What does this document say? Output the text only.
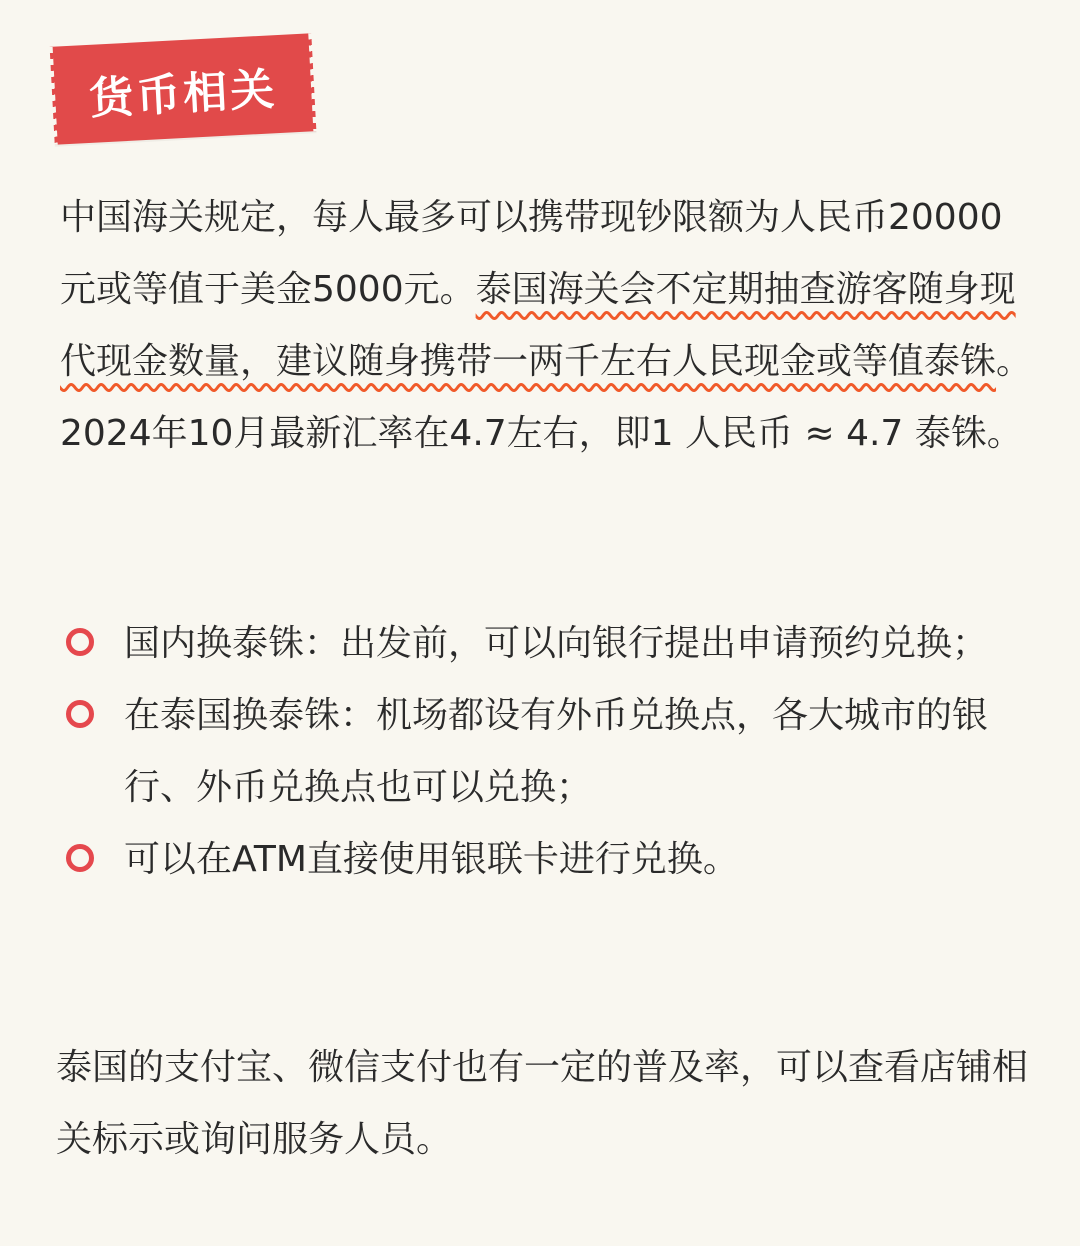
货币相关

中国海关规定，每人最多可以携带现钞限额为人民币20000元或等值于美金5000元。泰国海关会不定期抽查游客随身现代现金数量，建议随身携带一两千左右人民现金或等值泰铢。2024年10月最新汇率在4.7左右，即1 人民币 ≈ 4.7 泰铢。

国内换泰铢：出发前，可以向银行提出申请预约兑换；
在泰国换泰铢：机场都设有外币兑换点，各大城市的银行、外币兑换点也可以兑换；
可以在ATM直接使用银联卡进行兑换。

泰国的支付宝、微信支付也有一定的普及率，可以查看店铺相关标示或询问服务人员。
